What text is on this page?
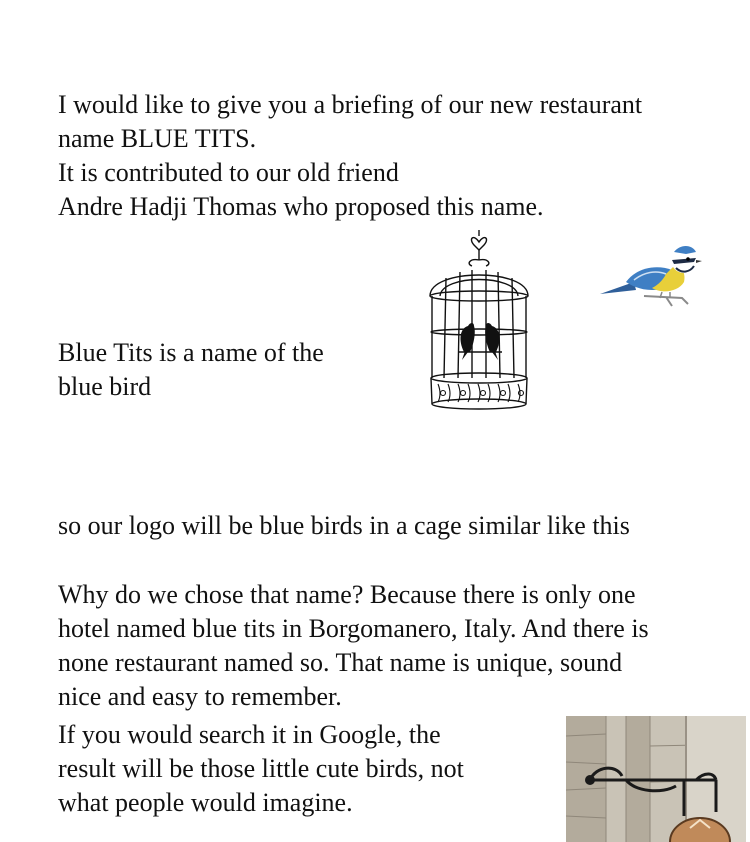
I would like to give you a briefing of our new restaurant
name BLUE TITS.
It is contributed to our old friend
Andre Hadji Thomas who proposed this name.
Blue Tits is a name of the
blue bird
so our logo will be blue birds in a cage similar like this
Why do we chose that name? Because there is only one
hotel named blue tits in Borgomanero, Italy. And there is
none restaurant named so. That name is unique, sound
nice and easy to remember.
If you would search it in Google, the
result will be those little cute birds, not
what people would imagine.
